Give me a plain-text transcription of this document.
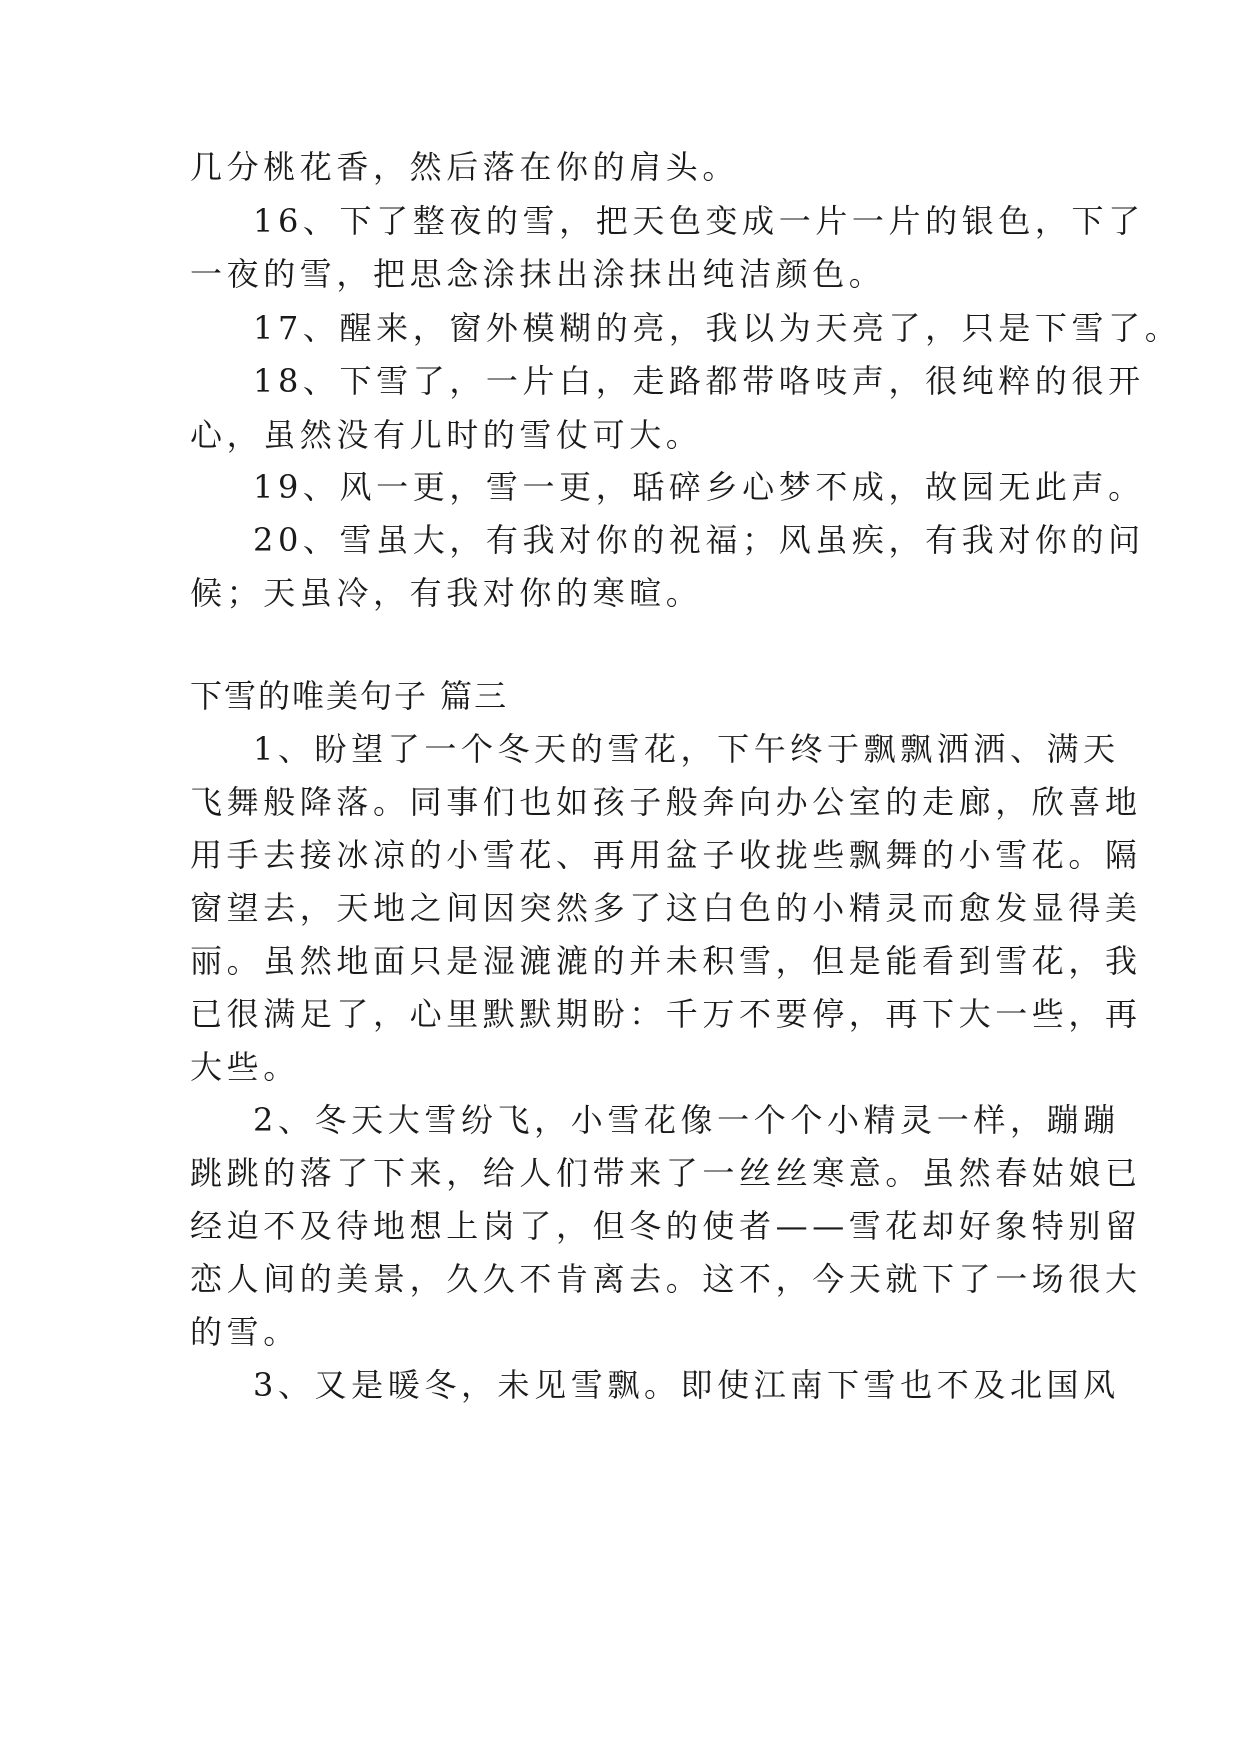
几分桃花香，然后落在你的肩头。
16、下了整夜的雪，把天色变成一片一片的银色，下了
一夜的雪，把思念涂抹出涂抹出纯洁颜色。
17、醒来，窗外模糊的亮，我以为天亮了，只是下雪了。
18、下雪了，一片白，走路都带咯吱声，很纯粹的很开
心，虽然没有儿时的雪仗可大。
19、风一更，雪一更，聒碎乡心梦不成，故园无此声。
20、雪虽大，有我对你的祝福；风虽疾，有我对你的问
候；天虽冷，有我对你的寒暄。
下雪的唯美句子 篇三
1、盼望了一个冬天的雪花，下午终于飘飘洒洒、满天
飞舞般降落。同事们也如孩子般奔向办公室的走廊，欣喜地
用手去接冰凉的小雪花、再用盆子收拢些飘舞的小雪花。隔
窗望去，天地之间因突然多了这白色的小精灵而愈发显得美
丽。虽然地面只是湿漉漉的并未积雪，但是能看到雪花，我
已很满足了，心里默默期盼：千万不要停，再下大一些，再
大些。
2、冬天大雪纷飞，小雪花像一个个小精灵一样，蹦蹦
跳跳的落了下来，给人们带来了一丝丝寒意。虽然春姑娘已
经迫不及待地想上岗了，但冬的使者——雪花却好象特别留
恋人间的美景，久久不肯离去。这不，今天就下了一场很大
的雪。
3、又是暖冬，未见雪飘。即使江南下雪也不及北国风
